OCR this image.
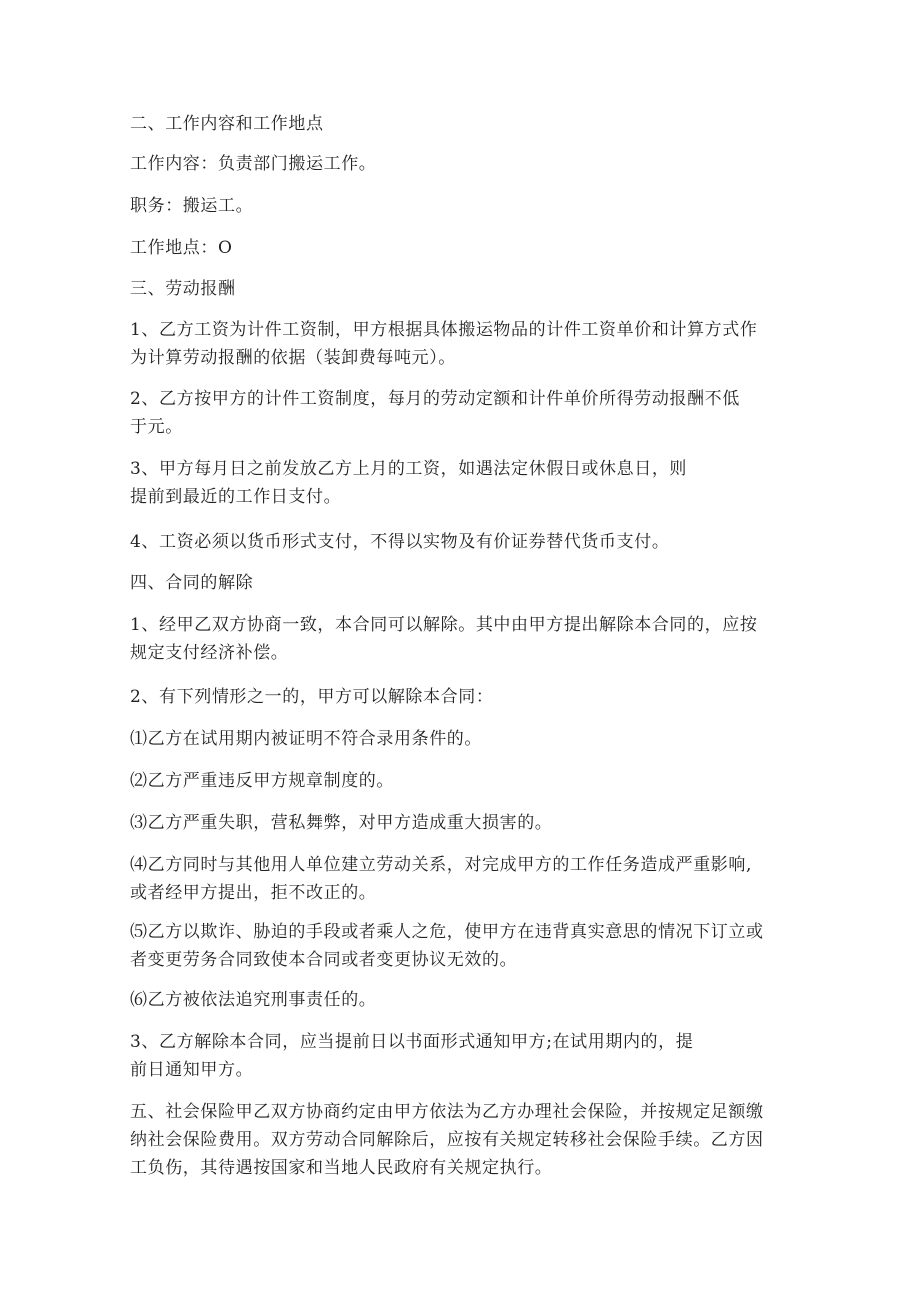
二、工作内容和工作地点

工作内容：负责部门搬运工作。

职务：搬运工。

工作地点：O

三、劳动报酬

1、乙方工资为计件工资制，甲方根据具体搬运物品的计件工资单价和计算方式作
为计算劳动报酬的依据（装卸费每吨元）。

2、乙方按甲方的计件工资制度，每月的劳动定额和计件单价所得劳动报酬不低
于元。

3、甲方每月日之前发放乙方上月的工资，如遇法定休假日或休息日，则
提前到最近的工作日支付。

4、工资必须以货币形式支付，不得以实物及有价证券替代货币支付。

四、合同的解除

1、经甲乙双方协商一致，本合同可以解除。其中由甲方提出解除本合同的，应按
规定支付经济补偿。

2、有下列情形之一的，甲方可以解除本合同：

⑴乙方在试用期内被证明不符合录用条件的。

⑵乙方严重违反甲方规章制度的。

⑶乙方严重失职，营私舞弊，对甲方造成重大损害的。

⑷乙方同时与其他用人单位建立劳动关系，对完成甲方的工作任务造成严重影响,
或者经甲方提出，拒不改正的。

⑸乙方以欺诈、胁迫的手段或者乘人之危，使甲方在违背真实意思的情况下订立或
者变更劳务合同致使本合同或者变更协议无效的。

⑹乙方被依法追究刑事责任的。

3、乙方解除本合同，应当提前日以书面形式通知甲方;在试用期内的，提
前日通知甲方。

五、社会保险甲乙双方协商约定由甲方依法为乙方办理社会保险，并按规定足额缴
纳社会保险费用。双方劳动合同解除后，应按有关规定转移社会保险手续。乙方因
工负伤，其待遇按国家和当地人民政府有关规定执行。
